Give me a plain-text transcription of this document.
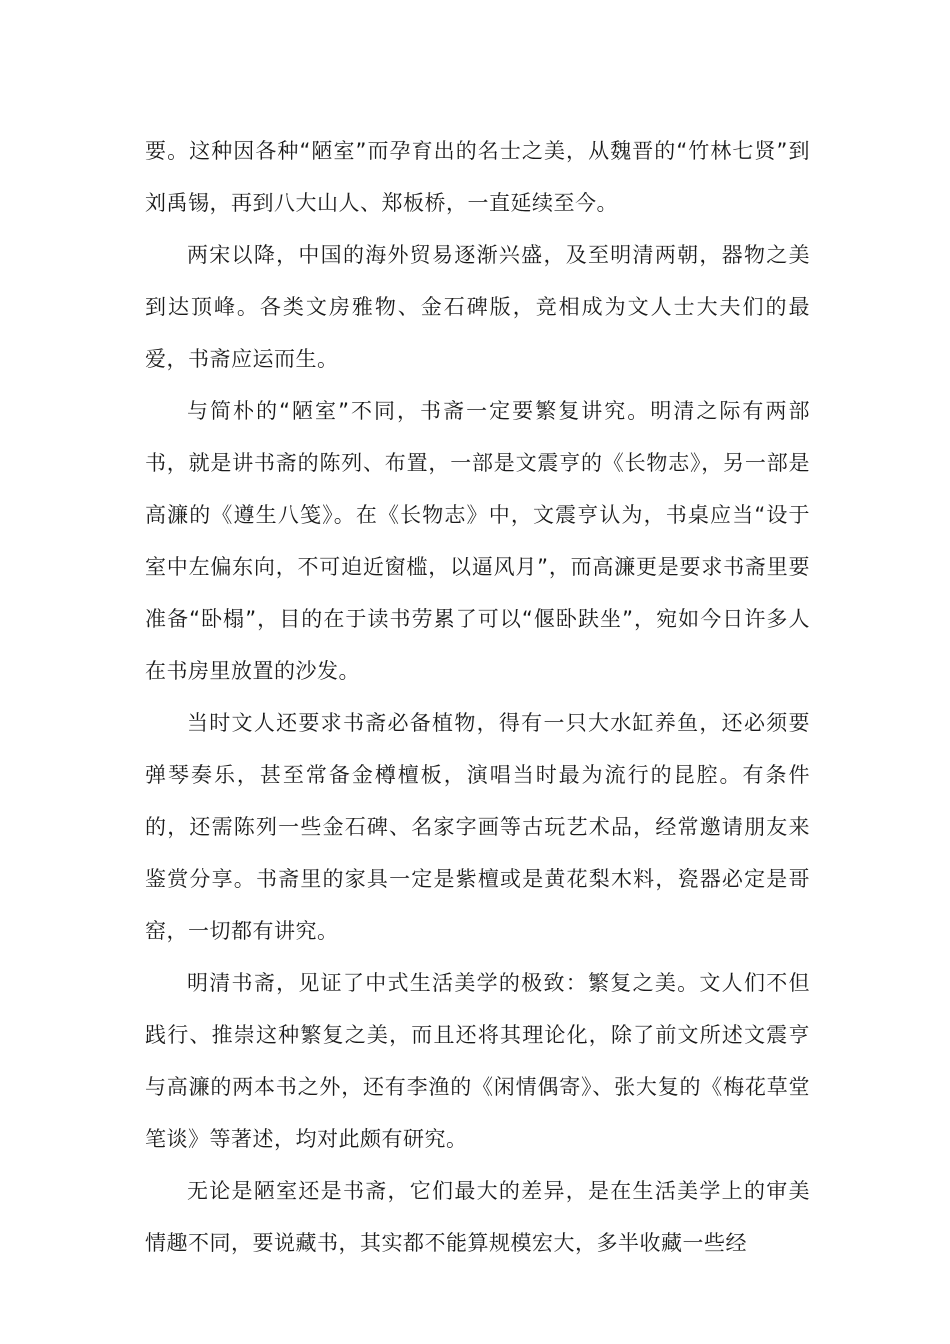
要。这种因各种“陋室”而孕育出的名士之美，从魏晋的“竹林七贤”到刘禹锡，再到八大山人、郑板桥，一直延续至今。

两宋以降，中国的海外贸易逐渐兴盛，及至明清两朝，器物之美到达顶峰。各类文房雅物、金石碑版，竞相成为文人士大夫们的最爱，书斋应运而生。

与简朴的“陋室”不同，书斋一定要繁复讲究。明清之际有两部书，就是讲书斋的陈列、布置，一部是文震亨的《长物志》，另一部是高濂的《遵生八笺》。在《长物志》中，文震亨认为，书桌应当“设于室中左偏东向，不可迫近窗槛，以逼风月”，而高濂更是要求书斋里要准备“卧榻”，目的在于读书劳累了可以“偃卧趺坐”，宛如今日许多人在书房里放置的沙发。

当时文人还要求书斋必备植物，得有一只大水缸养鱼，还必须要弹琴奏乐，甚至常备金樽檀板，演唱当时最为流行的昆腔。有条件的，还需陈列一些金石碑、名家字画等古玩艺术品，经常邀请朋友来鉴赏分享。书斋里的家具一定是紫檀或是黄花梨木料，瓷器必定是哥窑，一切都有讲究。

明清书斋，见证了中式生活美学的极致：繁复之美。文人们不但践行、推崇这种繁复之美，而且还将其理论化，除了前文所述文震亨与高濂的两本书之外，还有李渔的《闲情偶寄》、张大复的《梅花草堂笔谈》等著述，均对此颇有研究。

无论是陋室还是书斋，它们最大的差异，是在生活美学上的审美情趣不同，要说藏书，其实都不能算规模宏大，多半收藏一些经
